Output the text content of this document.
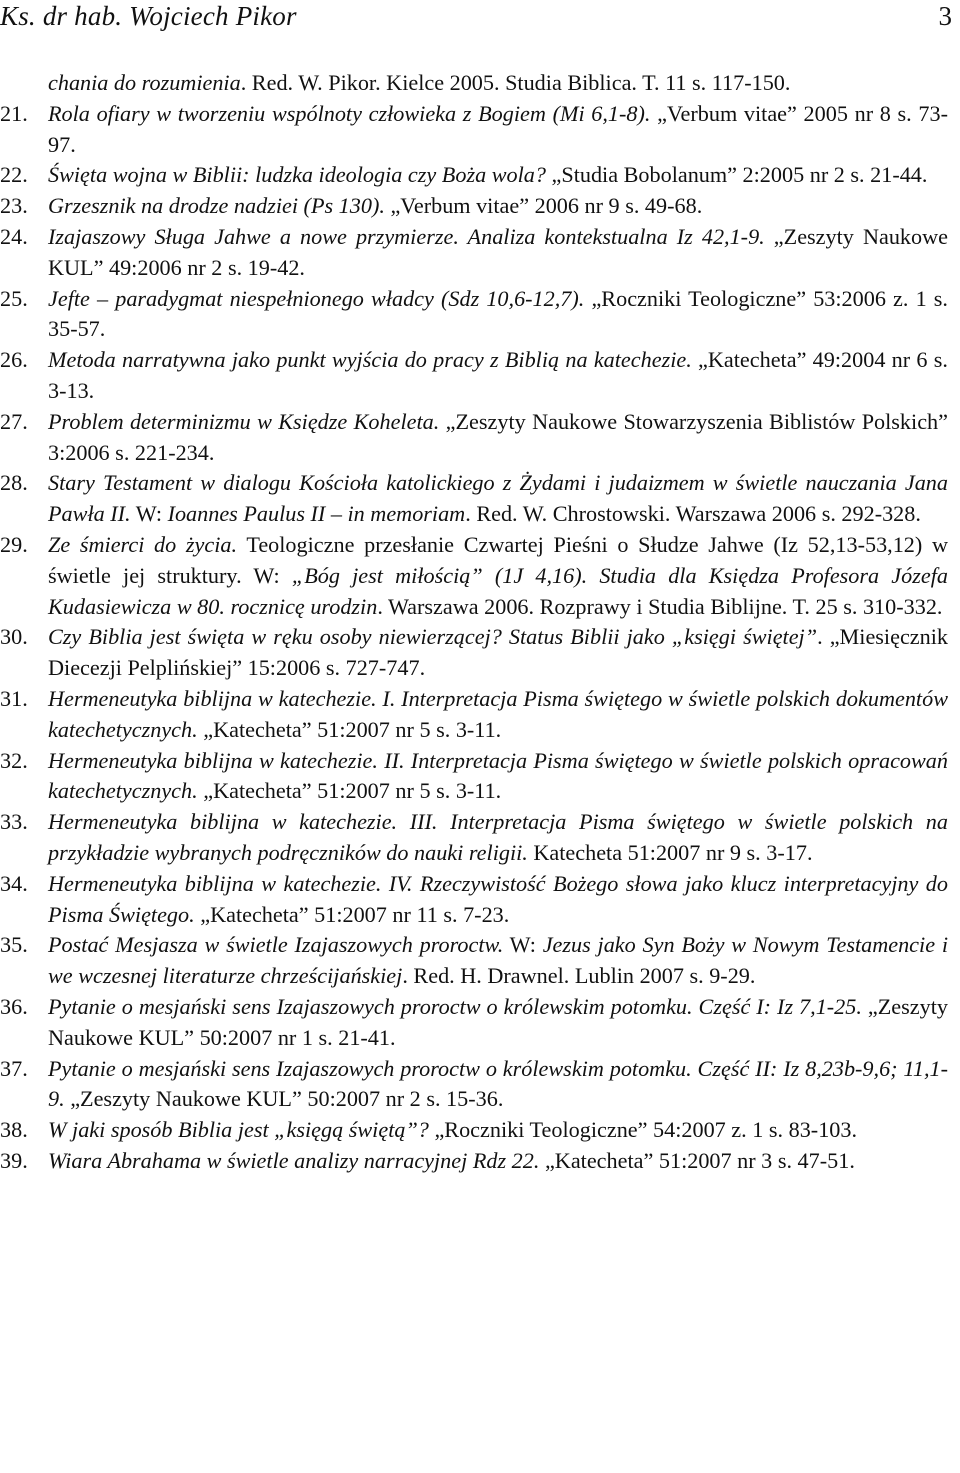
Ks. dr hab. Wojciech Pikor	3
chania do rozumienia. Red. W. Pikor. Kielce 2005. Studia Biblica. T. 11 s. 117-150.
21. Rola ofiary w tworzeniu wspólnoty człowieka z Bogiem (Mi 6,1-8). „Verbum vitae” 2005 nr 8 s. 73-97.
22. Święta wojna w Biblii: ludzka ideologia czy Boża wola? „Studia Bobolanum” 2:2005 nr 2 s. 21-44.
23. Grzesznik na drodze nadziei (Ps 130). „Verbum vitae” 2006 nr 9 s. 49-68.
24. Izajaszowy Sługa Jahwe a nowe przymierze. Analiza kontekstualna Iz 42,1-9. „Zeszyty Naukowe KUL” 49:2006 nr 2 s. 19-42.
25. Jefte – paradygmat niespełnionego władcy (Sdz 10,6-12,7). „Roczniki Teologiczne” 53:2006 z. 1 s. 35-57.
26. Metoda narratywna jako punkt wyjścia do pracy z Biblią na katechezie. „Katecheta” 49:2004 nr 6 s. 3-13.
27. Problem determinizmu w Księdze Koheleta. „Zeszyty Naukowe Stowarzyszenia Biblistów Polskich” 3:2006 s. 221-234.
28. Stary Testament w dialogu Kościoła katolickiego z Żydami i judaizmem w świetle nauczania Jana Pawła II. W: Ioannes Paulus II – in memoriam. Red. W. Chrostowski. Warszawa 2006 s. 292-328.
29. Ze śmierci do życia. Teologiczne przesłanie Czwartej Pieśni o Słudze Jahwe (Iz 52,13-53,12) w świetle jej struktury. W: „Bóg jest miłością” (1J 4,16). Studia dla Księdza Profesora Józefa Kudasiewicza w 80. rocznicę urodzin. Warszawa 2006. Rozprawy i Studia Biblijne. T. 25 s. 310-332.
30. Czy Biblia jest święta w ręku osoby niewierzącej? Status Biblii jako „księgi świętej”. „Miesięcznik Diecezji Pelplińskiej” 15:2006 s. 727-747.
31. Hermeneutyka biblijna w katechezie. I. Interpretacja Pisma świętego w świetle polskich dokumentów katechetycznych. „Katecheta” 51:2007 nr 5 s. 3-11.
32. Hermeneutyka biblijna w katechezie. II. Interpretacja Pisma świętego w świetle polskich opracowań katechetycznych. „Katecheta” 51:2007 nr 5 s. 3-11.
33. Hermeneutyka biblijna w katechezie. III. Interpretacja Pisma świętego w świetle polskich na przykładzie wybranych podręczników do nauki religii. Katecheta 51:2007 nr 9 s. 3-17.
34. Hermeneutyka biblijna w katechezie. IV. Rzeczywistość Bożego słowa jako klucz interpretacyjny do Pisma Świętego. „Katecheta” 51:2007 nr 11 s. 7-23.
35. Postać Mesjasza w świetle Izajaszowych proroctw. W: Jezus jako Syn Boży w Nowym Testamencie i we wczesnej literaturze chrześcijańskiej. Red. H. Drawnel. Lublin 2007 s. 9-29.
36. Pytanie o mesjański sens Izajaszowych proroctw o królewskim potomku. Część I: Iz 7,1-25. „Zeszyty Naukowe KUL” 50:2007 nr 1 s. 21-41.
37. Pytanie o mesjański sens Izajaszowych proroctw o królewskim potomku. Część II: Iz 8,23b-9,6; 11,1-9. „Zeszyty Naukowe KUL” 50:2007 nr 2 s. 15-36.
38. W jaki sposób Biblia jest „księgą świętą”? „Roczniki Teologiczne” 54:2007 z. 1 s. 83-103.
39. Wiara Abrahama w świetle analizy narracyjnej Rdz 22. „Katecheta” 51:2007 nr 3 s. 47-51.
